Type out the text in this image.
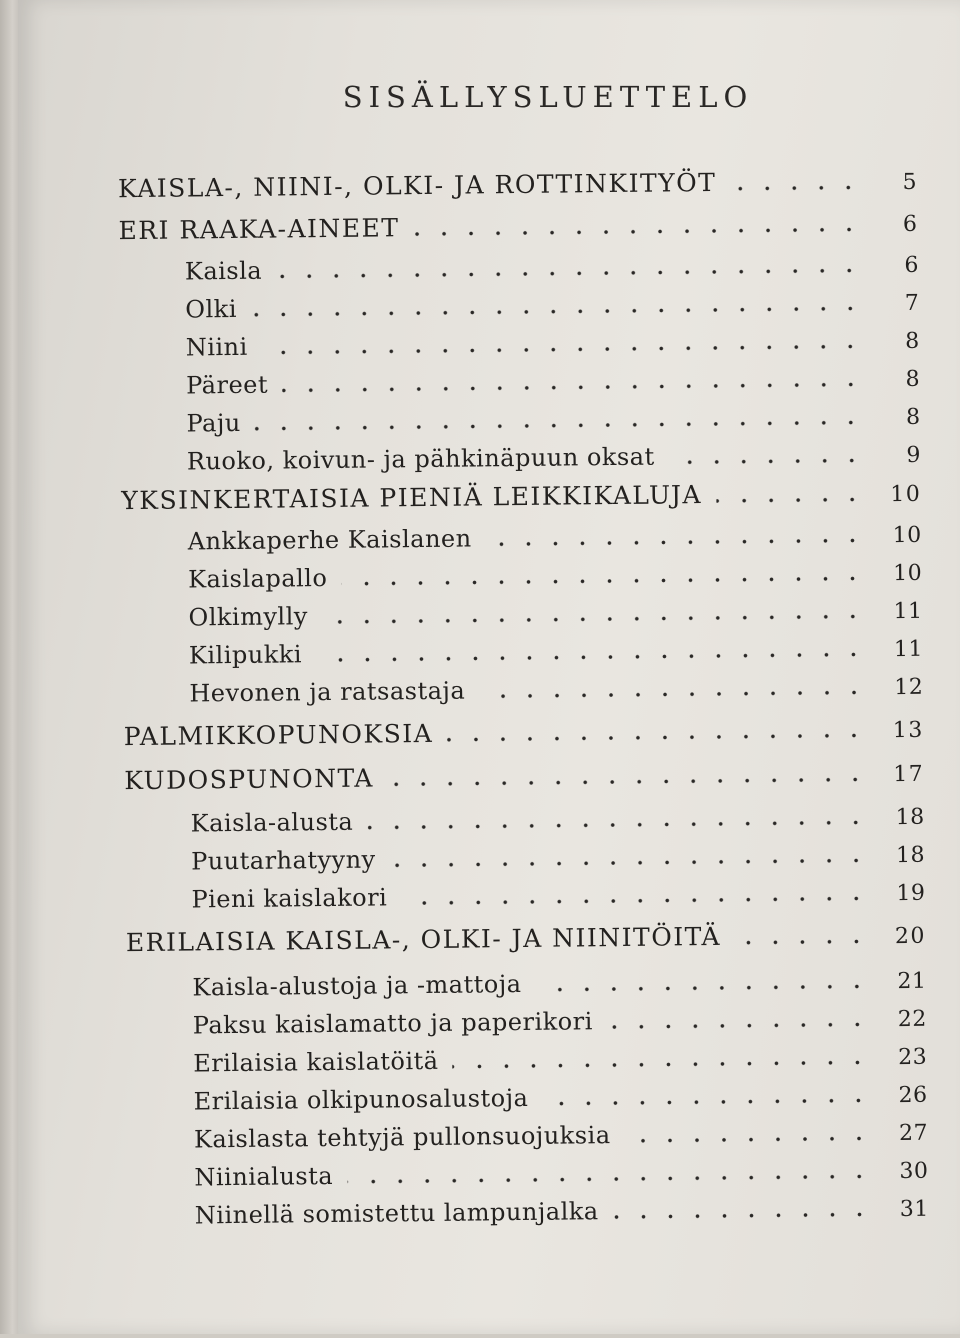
SISÄLLYSLUETTELO
KAISLA-, NIINI-, OLKI- JA ROTTINKITYÖT	5
ERI RAAKA-AINEET	6
Kaisla	6
Olki	7
Niini	8
Päreet	8
Paju	8
Ruoko, koivun- ja pähkinäpuun oksat	9
YKSINKERTAISIA PIENIÄ LEIKKIKALUJA	10
Ankkaperhe Kaislanen	10
Kaislapallo	10
Olkimylly	11
Kilipukki	11
Hevonen ja ratsastaja	12
PALMIKKOPUNOKSIA	13
KUDOSPUNONTA	17
Kaisla-alusta	18
Puutarhatyyny	18
Pieni kaislakori	19
ERILAISIA KAISLA-, OLKI- JA NIINITÖITÄ	20
Kaisla-alustoja ja -mattoja	21
Paksu kaislamatto ja paperikori	22
Erilaisia kaislatöitä	23
Erilaisia olkipunosalustoja	26
Kaislasta tehtyjä pullonsuojuksia	27
Niinialusta	30
Niinellä somistettu lampunjalka	31
